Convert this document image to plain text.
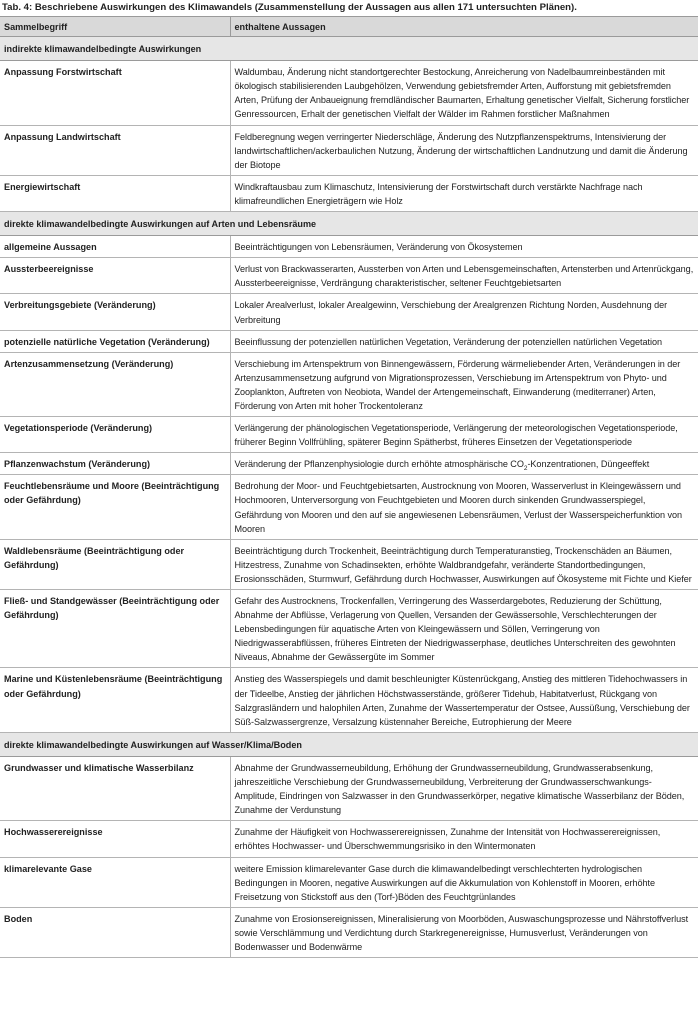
Tab. 4: Beschriebene Auswirkungen des Klimawandels (Zusammenstellung der Aussagen aus allen 171 untersuchten Plänen).
Sammelbegriff	enthaltene Aussagen
indirekte klimawandelbedingte Auswirkungen	
Anpassung Forstwirtschaft	Waldumbau, Änderung nicht standortgerechter Bestockung, Anreicherung von Nadelbaumreinbeständen mit ökologisch stabilisierenden Laubgehölzen, Verwendung gebietsfremder Arten, Aufforstung mit gebietsfremden Arten, Prüfung der Anbaueignung fremdländischer Baumarten, Erhaltung genetischer Vielfalt, Sicherung forstlicher Genressourcen, Erhalt der genetischen Vielfalt der Wälder im Rahmen forstlicher Maßnahmen
Anpassung Landwirtschaft	Feldberegnung wegen verringerter Niederschläge, Änderung des Nutzpflanzenspektrums, Intensivierung der landwirtschaftlichen/ackerbaulichen Nutzung, Änderung der wirtschaftlichen Landnutzung und damit die Änderung der Biotope
Energiewirtschaft	Windkraftausbau zum Klimaschutz, Intensivierung der Forstwirtschaft durch verstärkte Nachfrage nach klimafreundlichen Energieträgern wie Holz
direkte klimawandelbedingte Auswirkungen auf Arten und Lebensräume	
allgemeine Aussagen	Beeinträchtigungen von Lebensräumen, Veränderung von Ökosystemen
Aussterbeereignisse	Verlust von Brackwasserarten, Aussterben von Arten und Lebensgemeinschaften, Artensterben und Artenrückgang, Aussterbeereignisse, Verdrängung charakteristischer, seltener Feuchtgebietsarten
Verbreitungsgebiete (Veränderung)	Lokaler Arealverlust, lokaler Arealgewinn, Verschiebung der Arealgrenzen Richtung Norden, Ausdehnung der Verbreitung
potenzielle natürliche Vegetation (Veränderung)	Beeinflussung der potenziellen natürlichen Vegetation, Veränderung der potenziellen natürlichen Vegetation
Artenzusammensetzung (Veränderung)	Verschiebung im Artenspektrum von Binnengewässern, Förderung wärmeliebender Arten, Veränderungen in der Artenzusammensetzung aufgrund von Migrationsprozessen, Verschiebung im Artenspektrum von Phyto- und Zooplankton, Auftreten von Neobiota, Wandel der Artengemeinschaft, Einwanderung (mediterraner) Arten, Förderung von Arten mit hoher Trockentoleranz
Vegetationsperiode (Veränderung)	Verlängerung der phänologischen Vegetationsperiode, Verlängerung der meteorologischen Vegetationsperiode, früherer Beginn Vollfrühling, späterer Beginn Spätherbst, früheres Einsetzen der Vegetationsperiode
Pflanzenwachstum (Veränderung)	Veränderung der Pflanzenphysiologie durch erhöhte atmosphärische $CO_2$-Konzentrationen, Düngeeffekt
Feuchtlebensräume und Moore (Beeinträchtigung oder Gefährdung)	Bedrohung der Moor- und Feuchtgebietsarten, Austrocknung von Mooren, Wasserverlust in Kleingewässern und Hochmooren, Unterversorgung von Feuchtgebieten und Mooren durch sinkenden Grundwasserspiegel, Gefährdung von Mooren und den auf sie angewiesenen Lebensräumen, Verlust der Wasserspeicherfunktion von Mooren
Waldlebensräume (Beeinträchtigung oder Gefährdung)	Beeinträchtigung durch Trockenheit, Beeinträchtigung durch Temperaturanstieg, Trockenschäden an Bäumen, Hitzestress, Zunahme von Schadinsekten, erhöhte Waldbrandgefahr, veränderte Standortbedingungen, Erosionsschäden, Sturmwurf, Gefährdung durch Hochwasser, Auswirkungen auf Ökosysteme mit Fichte und Kiefer
Fließ- und Standgewässer (Beeinträchtigung oder Gefährdung)	Gefahr des Austrocknens, Trockenfallen, Verringerung des Wasserdargebotes, Reduzierung der Schüttung, Abnahme der Abflüsse, Verlagerung von Quellen, Versanden der Gewässersohle, Verschlechterungen der Lebensbedingungen für aquatische Arten von Kleingewässern und Söllen, Verringerung von Niedrigwasserabflüssen, früheres Eintreten der Niedrigwasserphase, deutliches Unterschreiten des gewohnten Niveaus, Abnahme der Gewässergüte im Sommer
Marine und Küstenlebensräume (Beeinträchtigung oder Gefährdung)	Anstieg des Wasserspiegels und damit beschleunigter Küstenrückgang, Anstieg des mittleren Tidehochwassers in der Tideelbe, Anstieg der jährlichen Höchstwasserstände, größerer Tidehub, Habitatverlust, Rückgang von Salzgrasländern und halophilen Arten, Zunahme der Wassertemperatur der Ostsee, Aussüßung, Verschiebung der Süß-Salzwassergrenze, Versalzung küstennaher Bereiche, Eutrophierung der Meere
direkte klimawandelbedingte Auswirkungen auf Wasser/Klima/Boden	
Grundwasser und klimatische Wasserbilanz	Abnahme der Grundwasserneubildung, Erhöhung der Grundwasserneubildung, Grundwasserabsenkung, jahreszeitliche Verschiebung der Grundwasserneubildung, Verbreiterung der Grundwasserschwankungs-Amplitude, Eindringen von Salzwasser in den Grundwasserkörper, negative klimatische Wasserbilanz der Böden, Zunahme der Verdunstung
Hochwasserereignisse	Zunahme der Häufigkeit von Hochwasserereignissen, Zunahme der Intensität von Hochwasserereignissen, erhöhtes Hochwasser- und Überschwemmungsrisiko in den Wintermonaten
klimarelevante Gase	weitere Emission klimarelevanter Gase durch die klimawandelbedingt verschlechterten hydrologischen Bedingungen in Mooren, negative Auswirkungen auf die Akkumulation von Kohlenstoff in Mooren, erhöhte Freisetzung von Stickstoff aus den (Torf-)Böden des Feuchtgrünlandes
Boden	Zunahme von Erosionsereignissen, Mineralisierung von Moorböden, Auswaschungsprozesse und Nährstoffverlust sowie Verschlämmung und Verdichtung durch Starkregenereignisse, Humusverlust, Veränderungen von Bodenwasser und Bodenwärme
